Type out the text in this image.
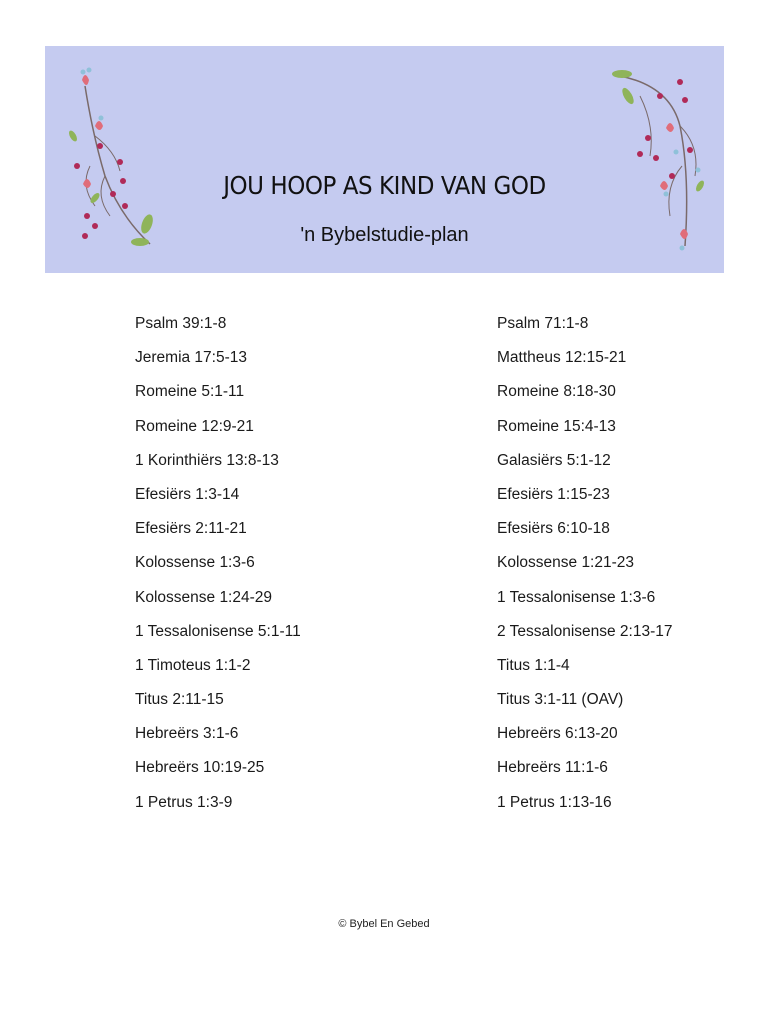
JOU HOOP AS KIND VAN GOD
'n Bybelstudie-plan
Psalm 39:1-8
Jeremia 17:5-13
Romeine 5:1-11
Romeine 12:9-21
1 Korinthiërs 13:8-13
Efesiërs 1:3-14
Efesiërs 2:11-21
Kolossense 1:3-6
Kolossense 1:24-29
1 Tessalonisense 5:1-11
1 Timoteus 1:1-2
Titus 2:11-15
Hebreërs 3:1-6
Hebreërs 10:19-25
1 Petrus 1:3-9
Psalm 71:1-8
Mattheus 12:15-21
Romeine 8:18-30
Romeine 15:4-13
Galasiërs 5:1-12
Efesiërs 1:15-23
Efesiërs 6:10-18
Kolossense 1:21-23
1 Tessalonisense 1:3-6
2 Tessalonisense 2:13-17
Titus 1:1-4
Titus 3:1-11 (OAV)
Hebreërs 6:13-20
Hebreërs 11:1-6
1 Petrus 1:13-16
© Bybel En Gebed
